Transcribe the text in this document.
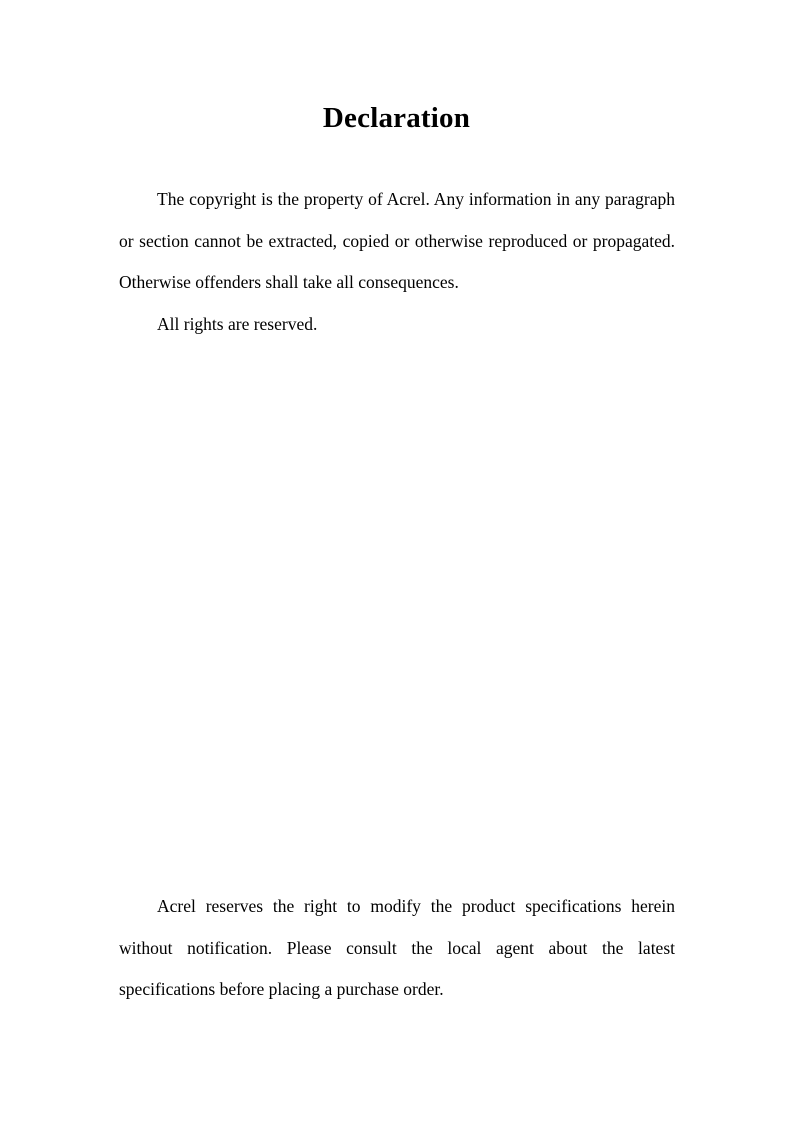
Declaration

The copyright is the property of Acrel. Any information in any paragraph or section cannot be extracted, copied or otherwise reproduced or propagated. Otherwise offenders shall take all consequences.

All rights are reserved.

Acrel reserves the right to modify the product specifications herein without notification. Please consult the local agent about the latest specifications before placing a purchase order.
